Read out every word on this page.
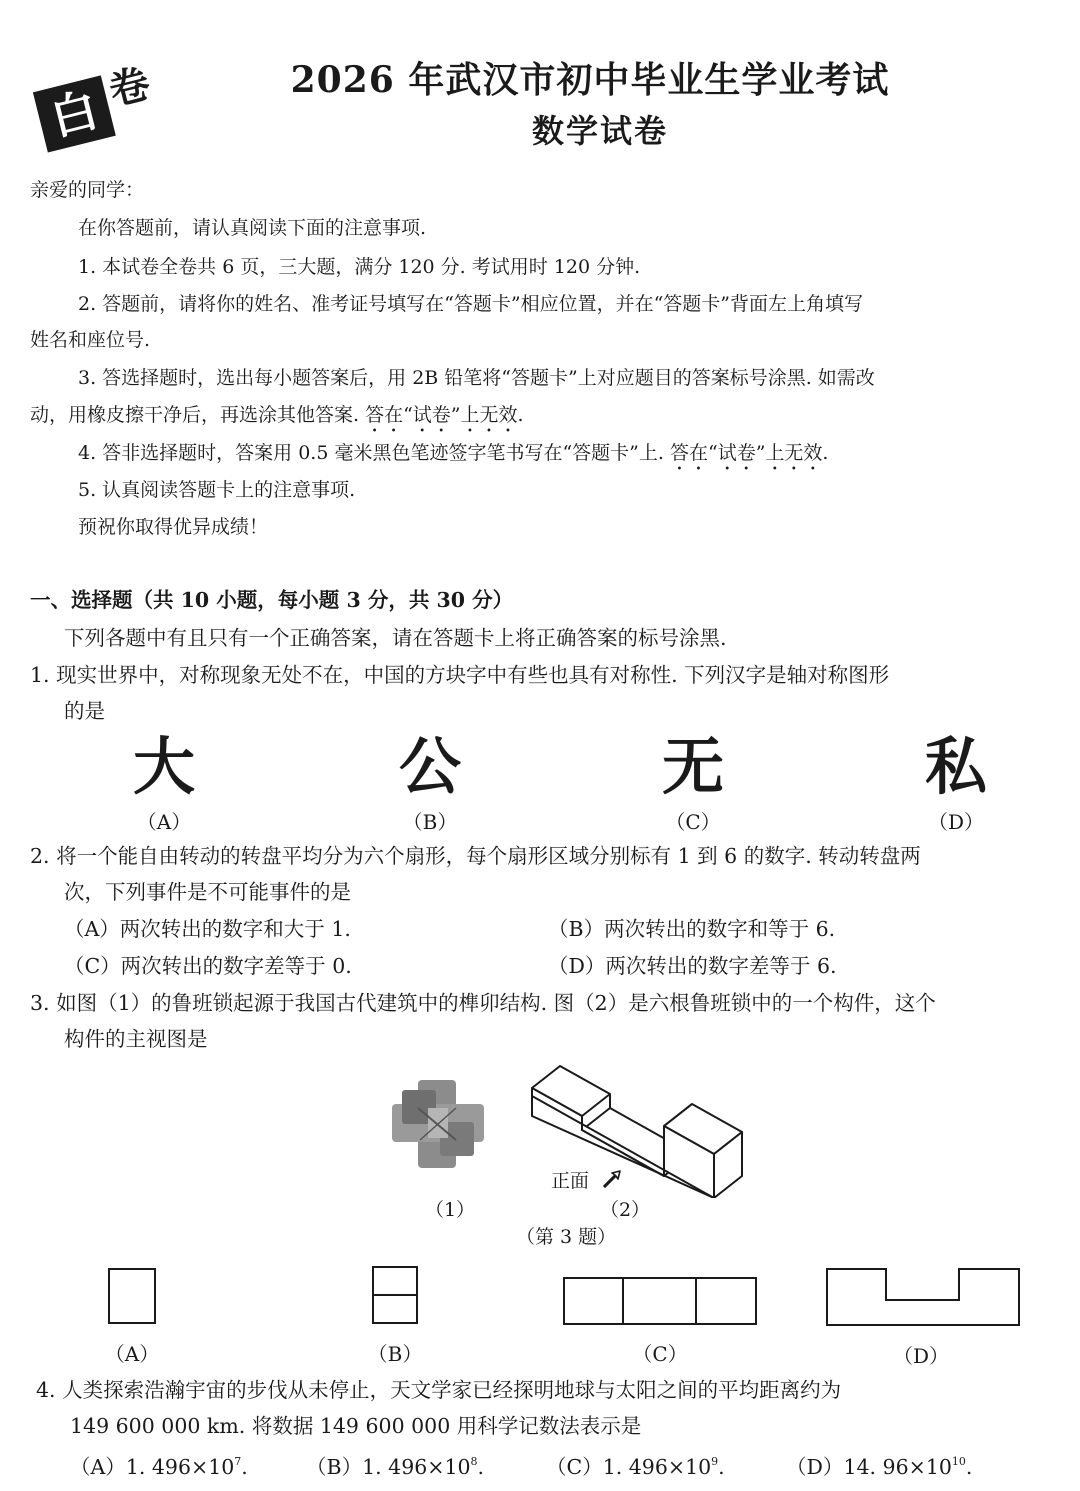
白 卷	2026 年武汉市初中毕业生学业考试
数学试卷
亲爱的同学：
在你答题前，请认真阅读下面的注意事项.
1. 本试卷全卷共 6 页，三大题，满分 120 分. 考试用时 120 分钟.
2. 答题前，请将你的姓名、准考证号填写在“答题卡”相应位置，并在“答题卡”背面左上角填写
姓名和座位号.
3. 答选择题时，选出每小题答案后，用 2B 铅笔将“答题卡”上对应题目的答案标号涂黑. 如需改
动，用橡皮擦干净后，再选涂其他答案. 答在“试卷”上无效.
4. 答非选择题时，答案用 0.5 毫米黑色笔迹签字笔书写在“答题卡”上. 答在“试卷”上无效.
5. 认真阅读答题卡上的注意事项.
预祝你取得优异成绩！
一、选择题（共 10 小题，每小题 3 分，共 30 分）
下列各题中有且只有一个正确答案，请在答题卡上将正确答案的标号涂黑.
1. 现实世界中，对称现象无处不在，中国的方块字中有些也具有对称性. 下列汉字是轴对称图形
的是
大	公	无	私
（A）	（B）	（C）	（D）
2. 将一个能自由转动的转盘平均分为六个扇形，每个扇形区域分别标有 1 到 6 的数字. 转动转盘两
次，下列事件是不可能事件的是
（A）两次转出的数字和大于 1.	（B）两次转出的数字和等于 6.
（C）两次转出的数字差等于 0.	（D）两次转出的数字差等于 6.
3. 如图（1）的鲁班锁起源于我国古代建筑中的榫卯结构. 图（2）是六根鲁班锁中的一个构件，这个
构件的主视图是
正面
（1）	（2）
（第 3 题）
（A）	（B）	（C）	（D）
4. 人类探索浩瀚宇宙的步伐从未停止，天文学家已经探明地球与太阳之间的平均距离约为
149 600 000 km. 将数据 149 600 000 用科学记数法表示是
（A）1. $496\times 10^7$.	（B）1. $496\times 10^8$.	（C）1. $496\times 10^9$.	（D）14. $96\times 10^{10}$.
